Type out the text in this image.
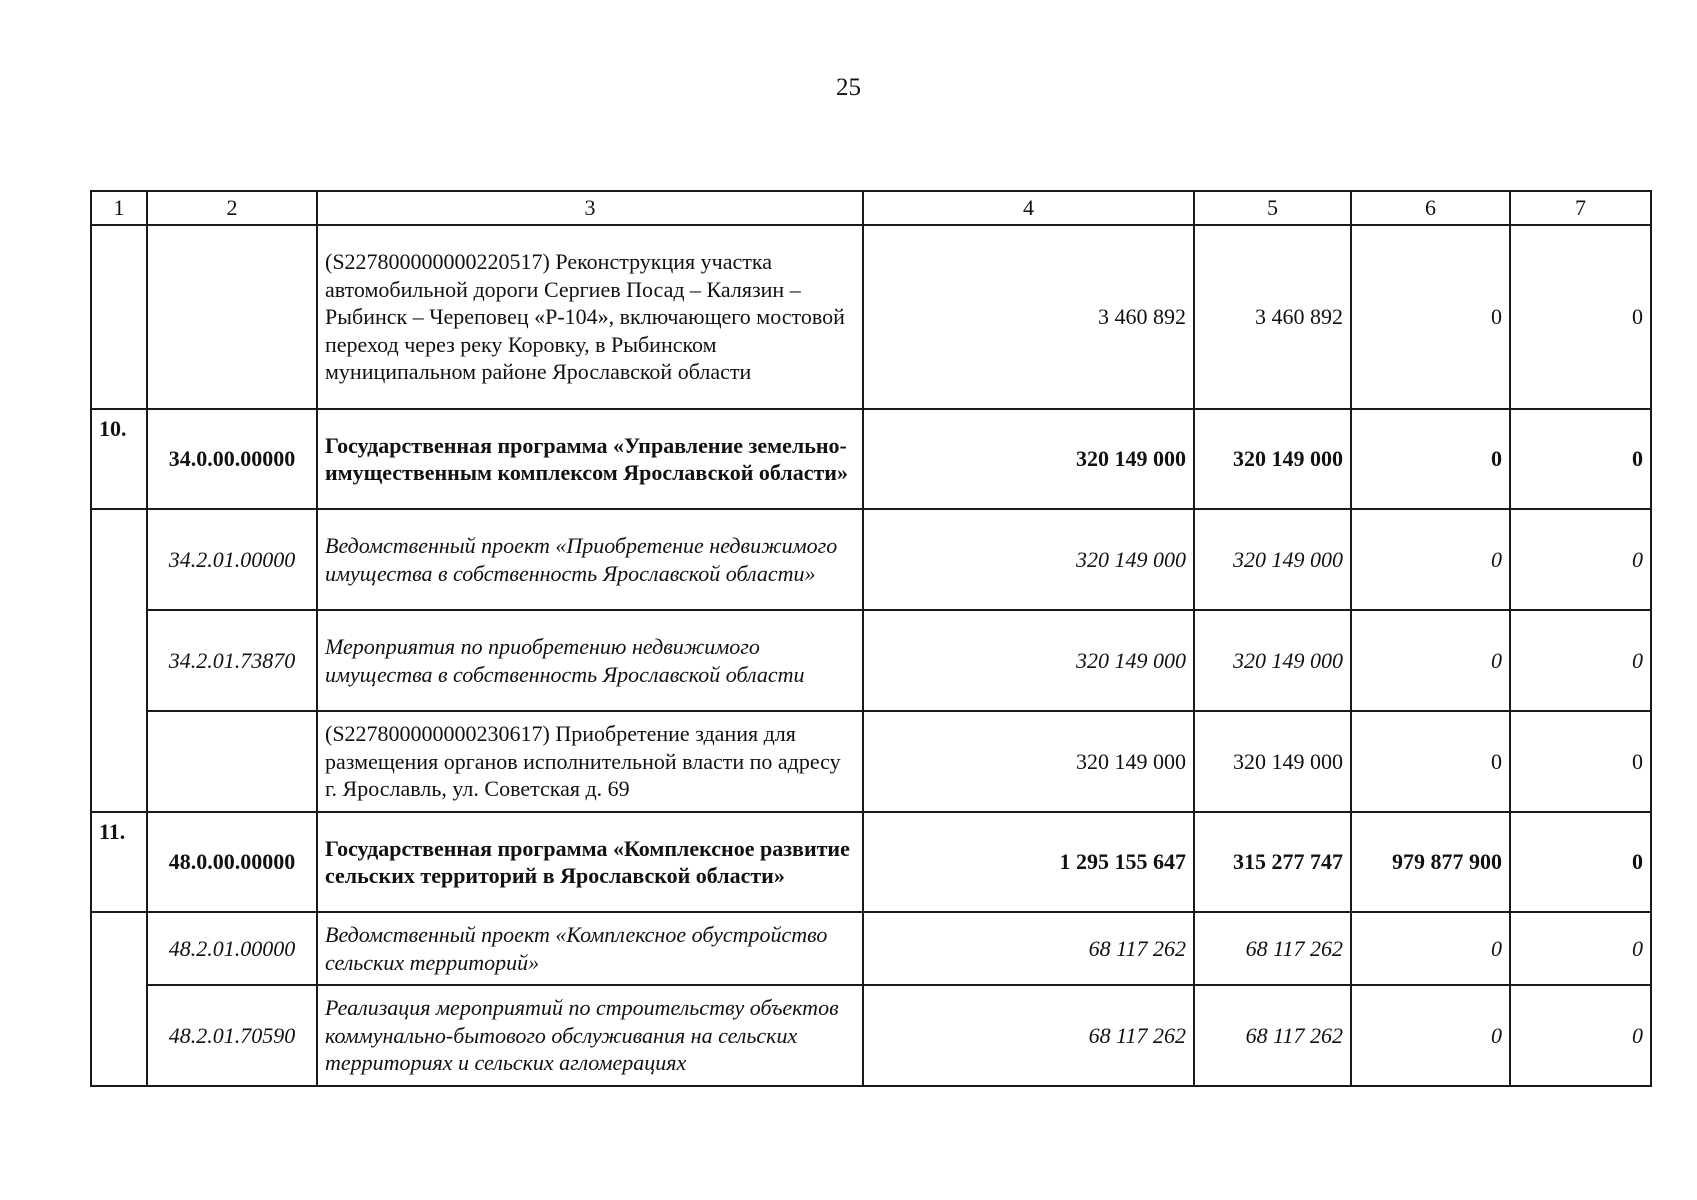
25
1	2	3	4	5	6	7
		(S227800000000220517) Реконструкция участка автомобильной дороги Сергиев Посад – Калязин – Рыбинск – Череповец «Р-104», включающего мостовой переход через реку Коровку, в Рыбинском муниципальном районе Ярославской области	3 460 892	3 460 892	0	0
10.	34.0.00.00000	Государственная программа «Управление земельно-имущественным комплексом Ярославской области»	320 149 000	320 149 000	0	0
	34.2.01.00000	Ведомственный проект «Приобретение недвижимого имущества в собственность Ярославской области»	320 149 000	320 149 000	0	0
	34.2.01.73870	Мероприятия по приобретению недвижимого имущества в собственность Ярославской области	320 149 000	320 149 000	0	0
		(S227800000000230617) Приобретение здания для размещения органов исполнительной власти по адресу г. Ярославль, ул. Советская д. 69	320 149 000	320 149 000	0	0
11.	48.0.00.00000	Государственная программа «Комплексное развитие сельских территорий в Ярославской области»	1 295 155 647	315 277 747	979 877 900	0
	48.2.01.00000	Ведомственный проект «Комплексное обустройство сельских территорий»	68 117 262	68 117 262	0	0
	48.2.01.70590	Реализация мероприятий по строительству объектов коммунально-бытового обслуживания на сельских территориях и сельских агломерациях	68 117 262	68 117 262	0	0
